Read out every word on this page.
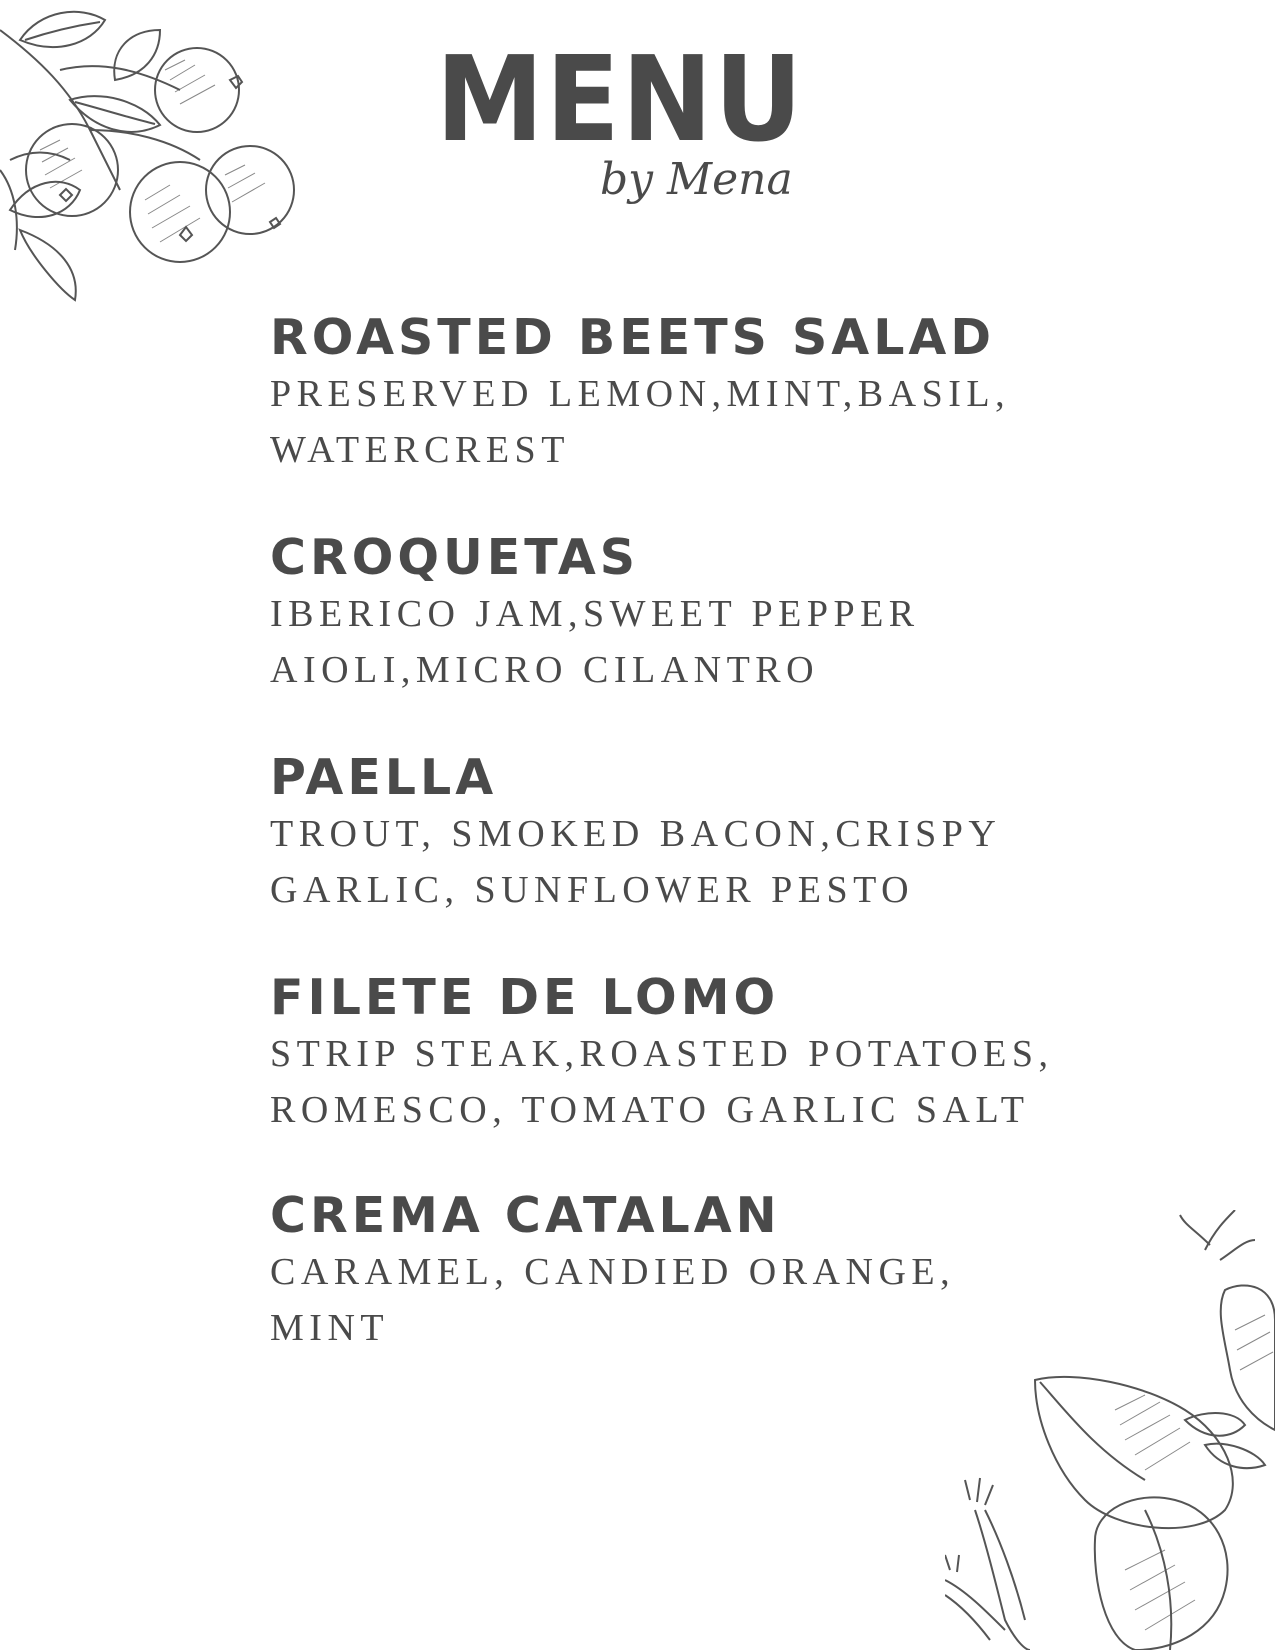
MENU
by Mena
ROASTED BEETS SALAD
PRESERVED LEMON,MINT,BASIL, WATERCREST
CROQUETAS
IBERICO JAM,SWEET PEPPER AIOLI,MICRO CILANTRO
PAELLA
TROUT, SMOKED BACON,CRISPY GARLIC, SUNFLOWER PESTO
FILETE DE LOMO
STRIP STEAK,ROASTED POTATOES, ROMESCO, TOMATO GARLIC SALT
CREMA CATALAN
CARAMEL, CANDIED ORANGE, MINT
